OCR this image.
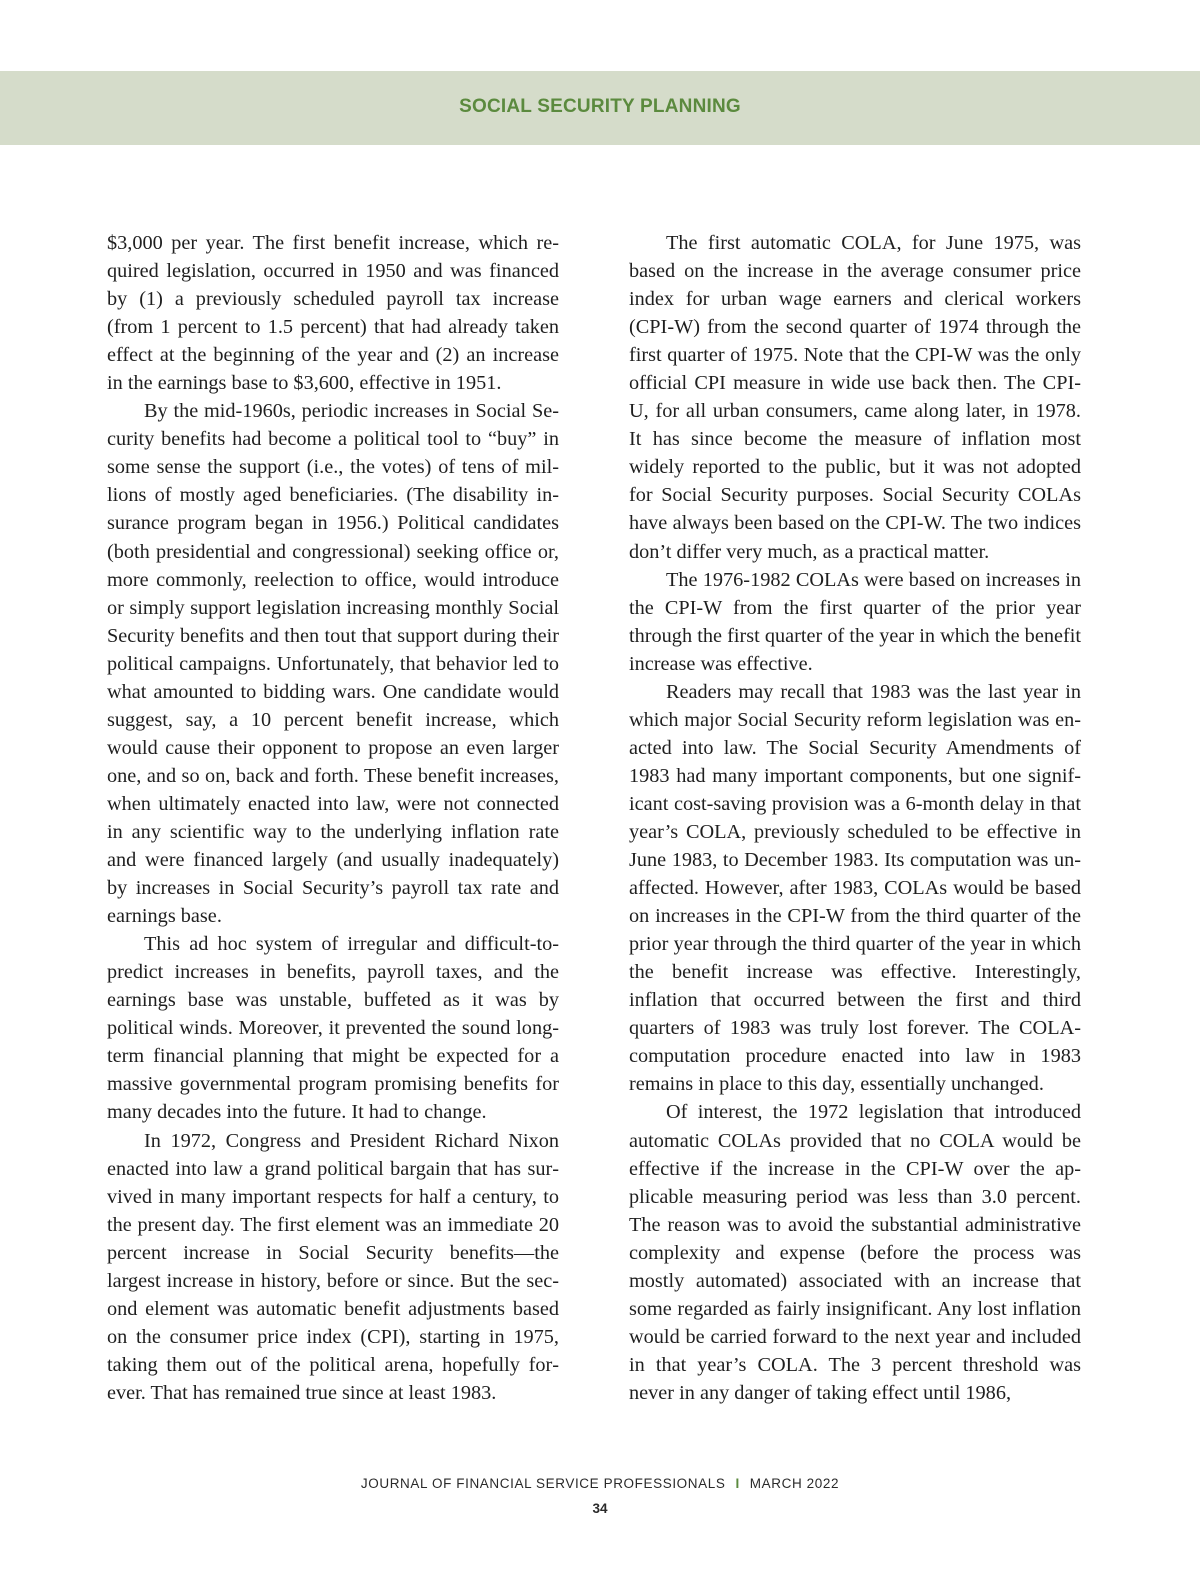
SOCIAL SECURITY PLANNING

$3,000 per year. The first benefit increase, which required legislation, occurred in 1950 and was financed by (1) a previously scheduled payroll tax increase (from 1 percent to 1.5 percent) that had already taken effect at the beginning of the year and (2) an increase in the earnings base to $3,600, effective in 1951.

By the mid-1960s, periodic increases in Social Security benefits had become a political tool to “buy” in some sense the support (i.e., the votes) of tens of millions of mostly aged beneficiaries. (The disability insurance program began in 1956.) Political candidates (both presidential and congressional) seeking office or, more commonly, reelection to office, would introduce or simply support legislation increasing monthly Social Security benefits and then tout that support during their political campaigns. Unfortunately, that behavior led to what amounted to bidding wars. One candidate would suggest, say, a 10 percent benefit increase, which would cause their opponent to propose an even larger one, and so on, back and forth. These benefit increases, when ultimately enacted into law, were not connected in any scientific way to the underlying inflation rate and were financed largely (and usually inadequately) by increases in Social Security’s payroll tax rate and earnings base.

This ad hoc system of irregular and difficult-to-predict increases in benefits, payroll taxes, and the earnings base was unstable, buffeted as it was by political winds. Moreover, it prevented the sound long-term financial planning that might be expected for a massive governmental program promising benefits for many decades into the future. It had to change.

In 1972, Congress and President Richard Nixon enacted into law a grand political bargain that has survived in many important respects for half a century, to the present day. The first element was an immediate 20 percent increase in Social Security benefits—the largest increase in history, before or since. But the second element was automatic benefit adjustments based on the consumer price index (CPI), starting in 1975, taking them out of the political arena, hopefully forever. That has remained true since at least 1983.

The first automatic COLA, for June 1975, was based on the increase in the average consumer price index for urban wage earners and clerical workers (CPI-W) from the second quarter of 1974 through the first quarter of 1975. Note that the CPI-W was the only official CPI measure in wide use back then. The CPI-U, for all urban consumers, came along later, in 1978. It has since become the measure of inflation most widely reported to the public, but it was not adopted for Social Security purposes. Social Security COLAs have always been based on the CPI-W. The two indices don’t differ very much, as a practical matter.

The 1976-1982 COLAs were based on increases in the CPI-W from the first quarter of the prior year through the first quarter of the year in which the benefit increase was effective.

Readers may recall that 1983 was the last year in which major Social Security reform legislation was enacted into law. The Social Security Amendments of 1983 had many important components, but one significant cost-saving provision was a 6-month delay in that year’s COLA, previously scheduled to be effective in June 1983, to December 1983. Its computation was unaffected. However, after 1983, COLAs would be based on increases in the CPI-W from the third quarter of the prior year through the third quarter of the year in which the benefit increase was effective. Interestingly, inflation that occurred between the first and third quarters of 1983 was truly lost forever. The COLA-computation procedure enacted into law in 1983 remains in place to this day, essentially unchanged.

Of interest, the 1972 legislation that introduced automatic COLAs provided that no COLA would be effective if the increase in the CPI-W over the applicable measuring period was less than 3.0 percent. The reason was to avoid the substantial administrative complexity and expense (before the process was mostly automated) associated with an increase that some regarded as fairly insignificant. Any lost inflation would be carried forward to the next year and included in that year’s COLA. The 3 percent threshold was never in any danger of taking effect until 1986,

JOURNAL OF FINANCIAL SERVICE PROFESSIONALS I MARCH 2022
34
